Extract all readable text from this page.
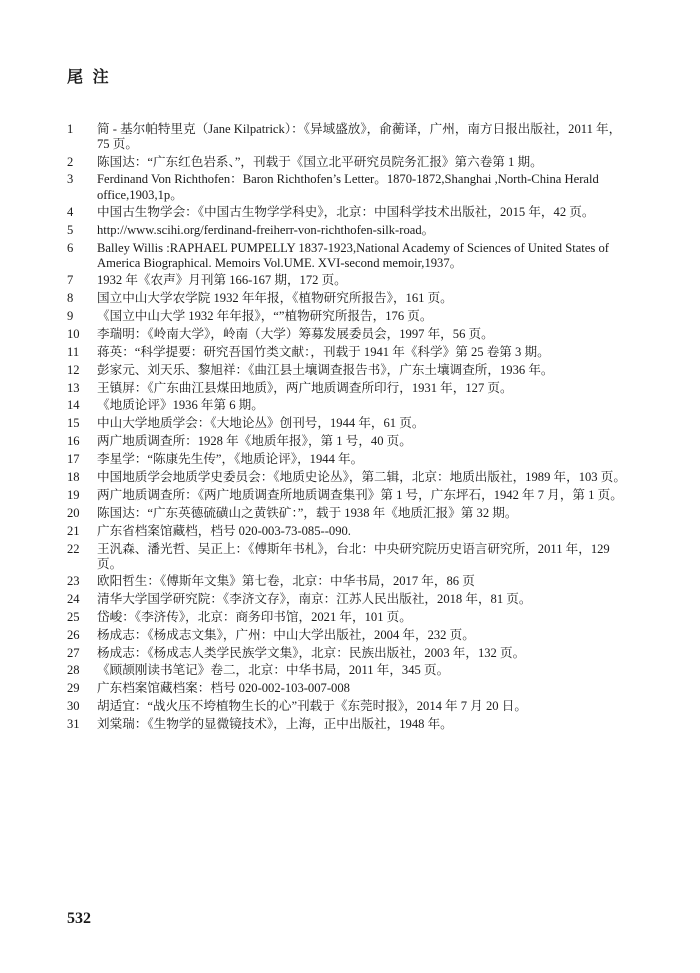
尾 注
1	简 - 基尔帕特里克（Jane Kilpatrick）：《异域盛放》，俞蘅译，广州，南方日报出版社，2011 年，75 页。
2	陈国达：“广东红色岩系、”，刊载于《国立北平研究员院务汇报》第六卷第 1 期。
3	Ferdinand Von Richthofen：Baron Richthofen’s Letter。1870-1872,Shanghai ,North-China Herald office,1903,1p。
4	中国古生物学会：《中国古生物学学科史》，北京：中国科学技术出版社，2015 年，42 页。
5	http://www.scihi.org/ferdinand-freiherr-von-richthofen-silk-road。
6	Balley Willis :RAPHAEL PUMPELLY 1837-1923,National Academy of Sciences of United States of America Biographical. Memoirs Vol.UME. XVI-second memoir,1937。
7	1932 年《农声》月刊第 166-167 期，172 页。
8	国立中山大学农学院 1932 年年报，《植物研究所报告》，161 页。
9	《国立中山大学 1932 年年报》，“”植物研究所报告，176 页。
10	李瑞明：《岭南大学》，岭南（大学）筹募发展委员会，1997 年，56 页。
11	蒋英：“科学提要：研究吾国竹类文献：，刊载于 1941 年《科学》第 25 卷第 3 期。
12	彭家元、刘天乐、黎旭祥：《曲江县土壤调查报告书》，广东土壤调查所，1936 年。
13	王镇屏：《广东曲江县煤田地质》，两广地质调查所印行，1931 年，127 页。
14	《地质论评》1936 年第 6 期。
15	中山大学地质学会：《大地论丛》创刊号，1944 年，61 页。
16	两广地质调查所：1928 年《地质年报》，第 1 号，40 页。
17	李星学：“陈康先生传”，《地质论评》，1944 年。
18	中国地质学会地质学史委员会：《地质史论丛》，第二辑，北京：地质出版社，1989 年，103 页。
19	两广地质调查所：《两广地质调查所地质调查集刊》第 1 号，广东坪石，1942 年 7 月，第 1 页。
20	陈国达：“广东英德硫磺山之黄铁矿：”，载于 1938 年《地质汇报》第 32 期。
21	广东省档案馆藏档，档号 020-003-73-085--090.
22	王汎森、潘光哲、吴正上：《傅斯年书札》，台北：中央研究院历史语言研究所，2011 年，129 页。
23	欧阳哲生：《傅斯年文集》第七卷，北京：中华书局，2017 年，86 页
24	清华大学国学研究院：《李济文存》，南京：江苏人民出版社，2018 年，81 页。
25	岱峻：《李济传》，北京：商务印书馆，2021 年，101 页。
26	杨成志：《杨成志文集》，广州：中山大学出版社，2004 年，232 页。
27	杨成志：《杨成志人类学民族学文集》，北京：民族出版社，2003 年，132 页。
28	《顾颉刚读书笔记》卷二，北京：中华书局，2011 年，345 页。
29	广东档案馆藏档案：档号 020-002-103-007-008
30	胡适宜：“战火压不垮植物生长的心”刊载于《东莞时报》，2014 年 7 月 20 日。
31	刘棠瑞：《生物学的显微镜技术》，上海，正中出版社，1948 年。
532
